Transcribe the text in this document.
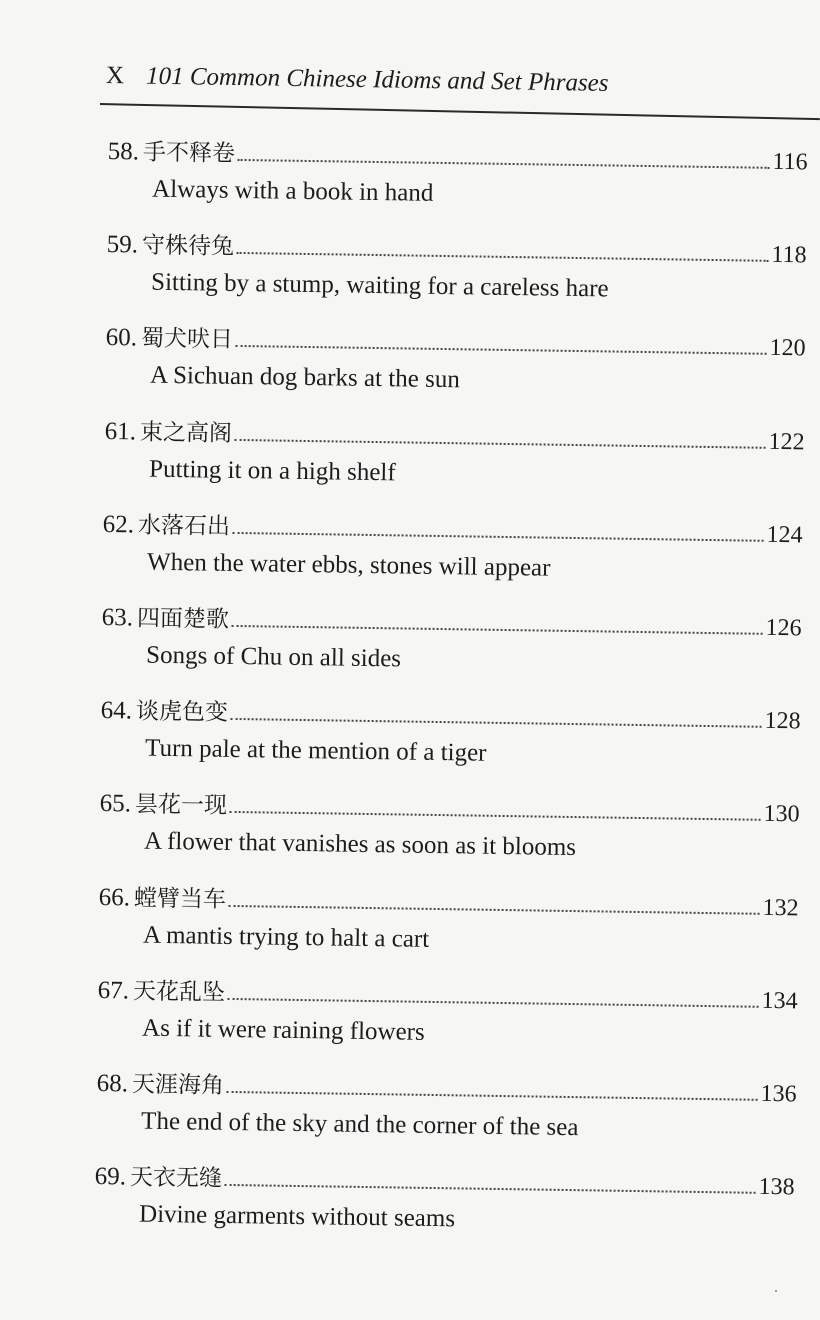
X 101 Common Chinese Idioms and Set Phrases
58. 手不释卷	116
Always with a book in hand
59. 守株待兔	118
Sitting by a stump, waiting for a careless hare
60. 蜀犬吠日	120
A Sichuan dog barks at the sun
61. 束之高阁	122
Putting it on a high shelf
62. 水落石出	124
When the water ebbs, stones will appear
63. 四面楚歌	126
Songs of Chu on all sides
64. 谈虎色变	128
Turn pale at the mention of a tiger
65. 昙花一现	130
A flower that vanishes as soon as it blooms
66. 螳臂当车	132
A mantis trying to halt a cart
67. 天花乱坠	134
As if it were raining flowers
68. 天涯海角	136
The end of the sky and the corner of the sea
69. 天衣无缝	138
Divine garments without seams
